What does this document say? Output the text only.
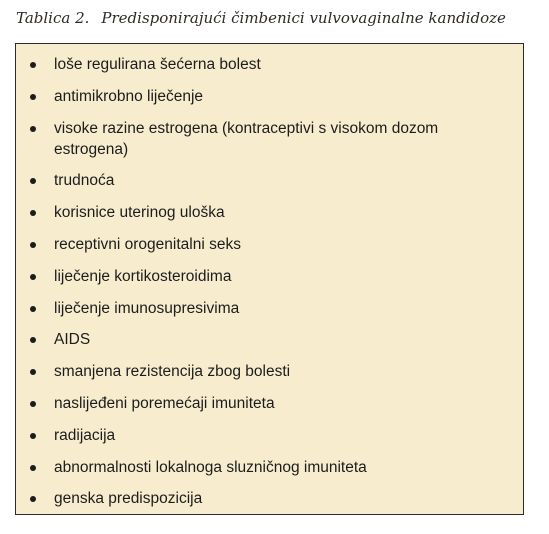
Tablica 2. Predisponirajući čimbenici vulvovaginalne kandidoze
loše regulirana šećerna bolest
antimikrobno liječenje
visoke razine estrogena (kontraceptivi s visokom dozom estrogena)
trudnoća
korisnice uterinog uloška
receptivni orogenitalni seks
liječenje kortikosteroidima
liječenje imunosupresivima
AIDS
smanjena rezistencija zbog bolesti
naslijeđeni poremećaji imuniteta
radijacija
abnormalnosti lokalnoga sluzničnog imuniteta
genska predispozicija
